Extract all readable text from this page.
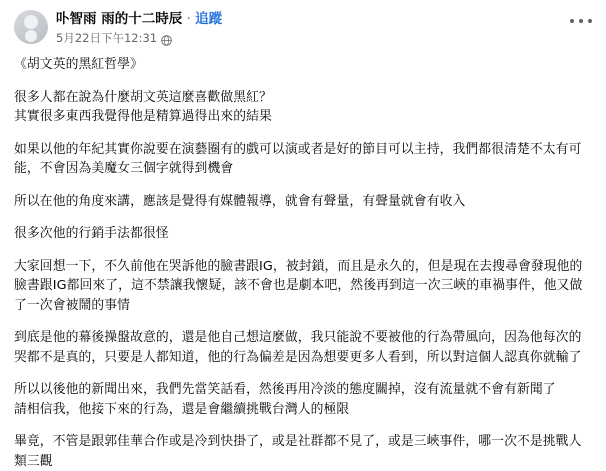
卟智雨 雨的十二時辰 · 追蹤
5月22日下午12:31

《胡文英的黑紅哲學》

很多人都在說為什麼胡文英這麼喜歡做黑紅？

其實很多東西我覺得他是精算過得出來的結果

如果以他的年紀其實你說要在演藝圈有的戲可以演或者是好的節目可以主持，我們都很清楚不太有可能，不會因為美魔女三個字就得到機會

所以在他的角度來講，應該是覺得有媒體報導，就會有聲量，有聲量就會有收入

很多次他的行銷手法都很怪

大家回想一下，不久前他在哭訴他的臉書跟IG，被封鎖，而且是永久的，但是現在去搜尋會發現他的臉書跟IG都回來了，這不禁讓我懷疑，該不會也是劇本吧，然後再到這一次三峽的車禍事件，他又做了一次會被鬧的事情

到底是他的幕後操盤故意的，還是他自己想這麼做，我只能說不要被他的行為帶風向，因為他每次的哭都不是真的，只要是人都知道，他的行為偏差是因為想要更多人看到，所以對這個人認真你就輸了

所以以後他的新聞出來，我們先當笑話看，然後再用冷淡的態度關掉，沒有流量就不會有新聞了

請相信我，他接下來的行為，還是會繼續挑戰台灣人的極限

畢竟，不管是跟郭佳華合作或是冷到快掛了，或是社群都不見了，或是三峽事件，哪一次不是挑戰人類三觀
